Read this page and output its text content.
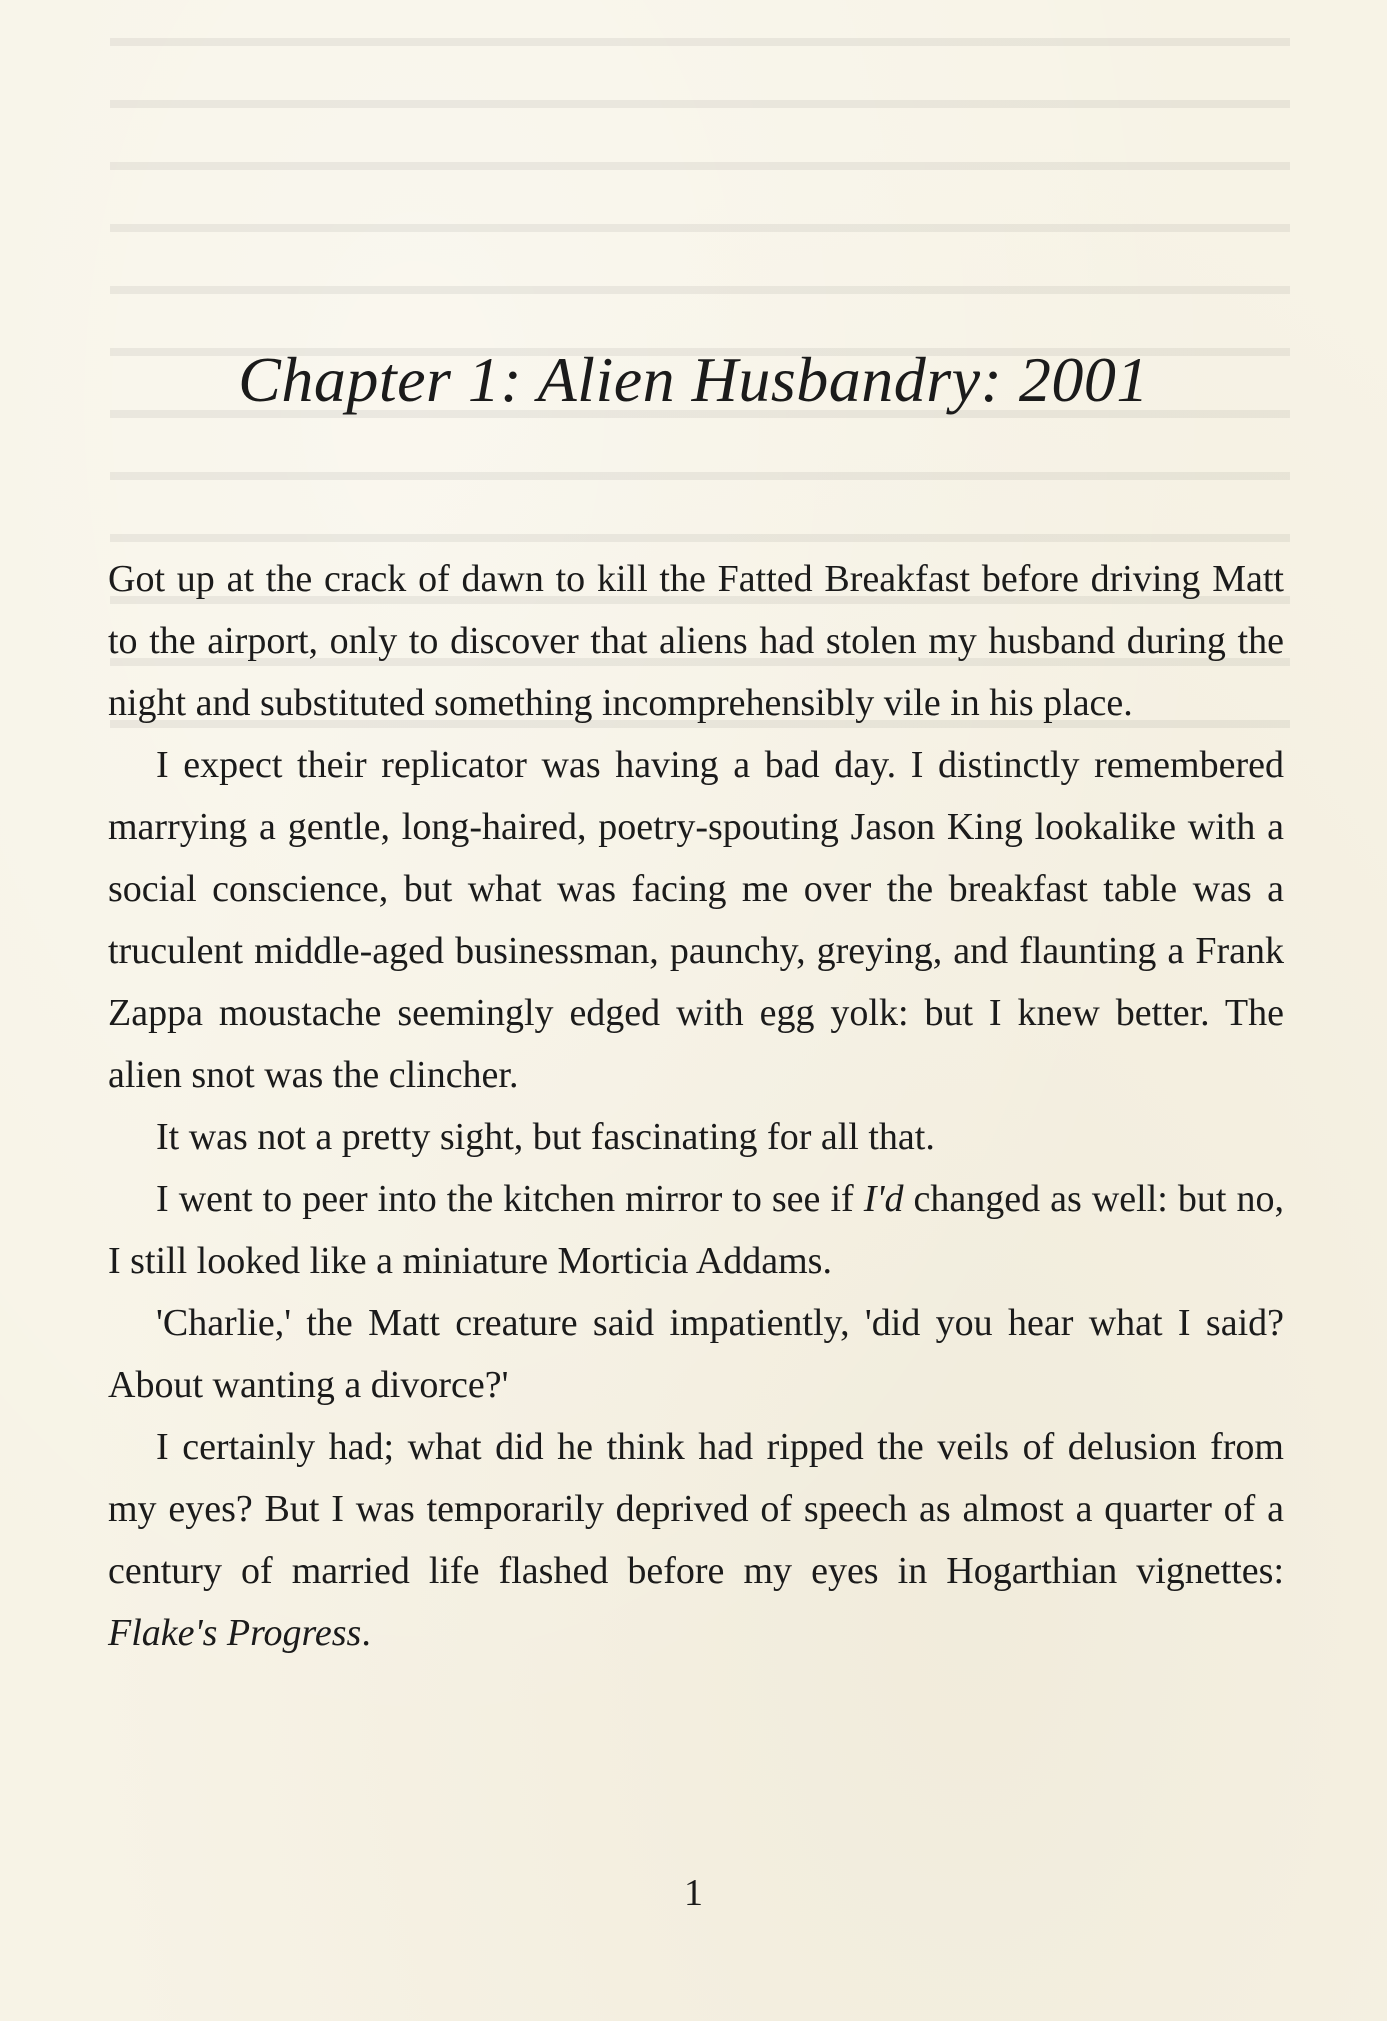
Chapter 1: Alien Husbandry: 2001

Got up at the crack of dawn to kill the Fatted Breakfast before driving Matt to the airport, only to discover that aliens had stolen my husband during the night and substituted something incomprehensibly vile in his place.

I expect their replicator was having a bad day. I distinctly remembered marrying a gentle, long-haired, poetry-spouting Jason King lookalike with a social conscience, but what was facing me over the breakfast table was a truculent middle-aged businessman, paunchy, greying, and flaunting a Frank Zappa moustache seemingly edged with egg yolk: but I knew better. The alien snot was the clincher.

It was not a pretty sight, but fascinating for all that.

I went to peer into the kitchen mirror to see if I'd changed as well: but no, I still looked like a miniature Morticia Addams.

'Charlie,' the Matt creature said impatiently, 'did you hear what I said? About wanting a divorce?'

I certainly had; what did he think had ripped the veils of delusion from my eyes? But I was temporarily deprived of speech as almost a quarter of a century of married life flashed before my eyes in Hogarthian vignettes: Flake's Progress.

1
